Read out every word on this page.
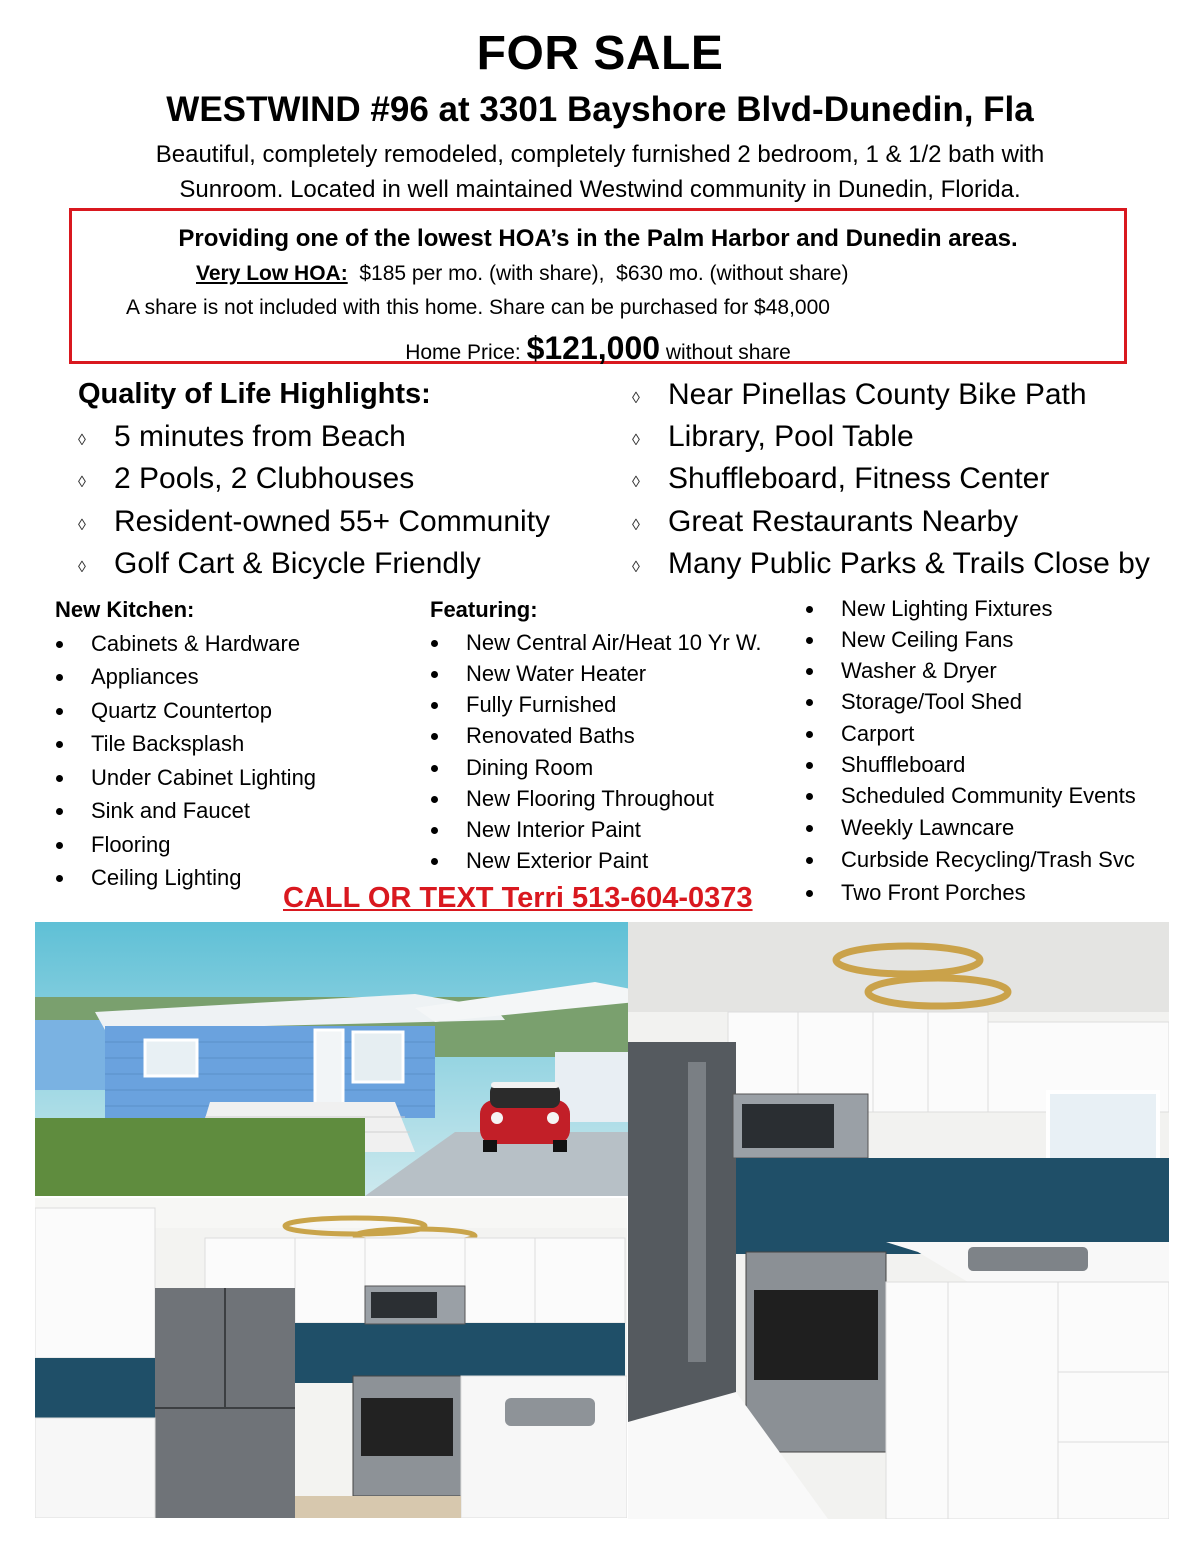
FOR SALE
WESTWIND #96 at 3301 Bayshore Blvd-Dunedin, Fla
Beautiful, completely remodeled, completely furnished 2 bedroom, 1 & 1/2 bath with
Sunroom. Located in well maintained Westwind community in Dunedin, Florida.
Providing one of the lowest HOA’s in the Palm Harbor and Dunedin areas.
Very Low HOA:  $185 per mo. (with share),  $630 mo. (without share)
A share is not included with this home. Share can be purchased for $48,000
Home Price: $121,000 without share
Quality of Life Highlights:
◊ 5 minutes from Beach
◊ 2 Pools, 2 Clubhouses
◊ Resident-owned 55+ Community
◊ Golf Cart & Bicycle Friendly
◊ Near Pinellas County Bike Path
◊ Library, Pool Table
◊ Shuffleboard, Fitness Center
◊ Great Restaurants Nearby
◊ Many Public Parks & Trails Close by
New Kitchen:
Cabinets & Hardware
Appliances
Quartz Countertop
Tile Backsplash
Under Cabinet Lighting
Sink and Faucet
Flooring
Ceiling Lighting
Featuring:
New Central Air/Heat 10 Yr W.
New Water Heater
Fully Furnished
Renovated Baths
Dining Room
New Flooring Throughout
New Interior Paint
New Exterior Paint
New Lighting Fixtures
New Ceiling Fans
Washer & Dryer
Storage/Tool Shed
Carport
Shuffleboard
Scheduled Community Events
Weekly Lawncare
Curbside Recycling/Trash Svc
Two Front Porches
CALL OR TEXT Terri 513-604-0373
